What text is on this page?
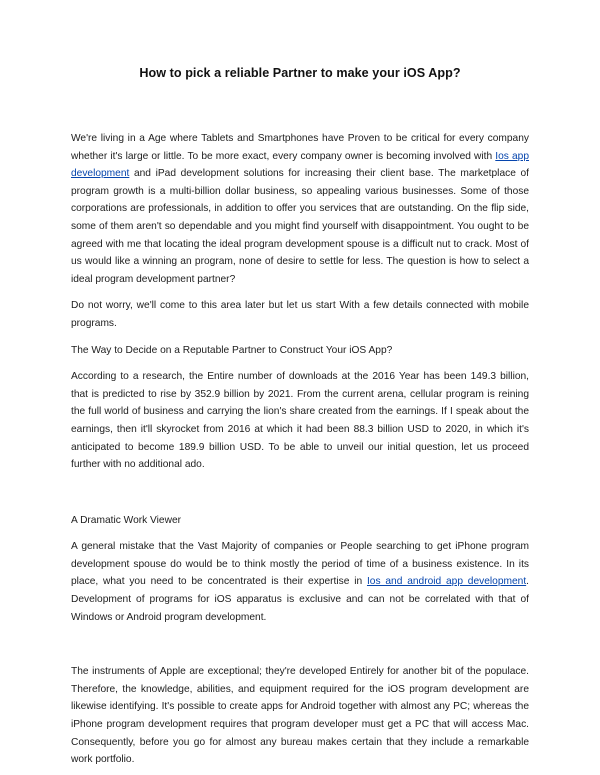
How to pick a reliable Partner to make your iOS App?

We're living in a Age where Tablets and Smartphones have Proven to be critical for every company whether it's large or little. To be more exact, every company owner is becoming involved with Ios app development and iPad development solutions for increasing their client base. The marketplace of program growth is a multi-billion dollar business, so appealing various businesses. Some of those corporations are professionals, in addition to offer you services that are outstanding. On the flip side, some of them aren't so dependable and you might find yourself with disappointment. You ought to be agreed with me that locating the ideal program development spouse is a difficult nut to crack. Most of us would like a winning an program, none of desire to settle for less. The question is how to select a ideal program development partner?

Do not worry, we'll come to this area later but let us start With a few details connected with mobile programs.

The Way to Decide on a Reputable Partner to Construct Your iOS App?

According to a research, the Entire number of downloads at the 2016 Year has been 149.3 billion, that is predicted to rise by 352.9 billion by 2021. From the current arena, cellular program is reining the full world of business and carrying the lion's share created from the earnings. If I speak about the earnings, then it'll skyrocket from 2016 at which it had been 88.3 billion USD to 2020, in which it's anticipated to become 189.9 billion USD. To be able to unveil our initial question, let us proceed further with no additional ado.

A Dramatic Work Viewer

A general mistake that the Vast Majority of companies or People searching to get iPhone program development spouse do would be to think mostly the period of time of a business existence. In its place, what you need to be concentrated is their expertise in Ios and android app development. Development of programs for iOS apparatus is exclusive and can not be correlated with that of Windows or Android program development.

The instruments of Apple are exceptional; they're developed Entirely for another bit of the populace. Therefore, the knowledge, abilities, and equipment required for the iOS program development are likewise identifying. It's possible to create apps for Android together with almost any PC; whereas the iPhone program development requires that program developer must get a PC that will access Mac. Consequently, before you go for almost any bureau makes certain that they include a remarkable work portfolio.
